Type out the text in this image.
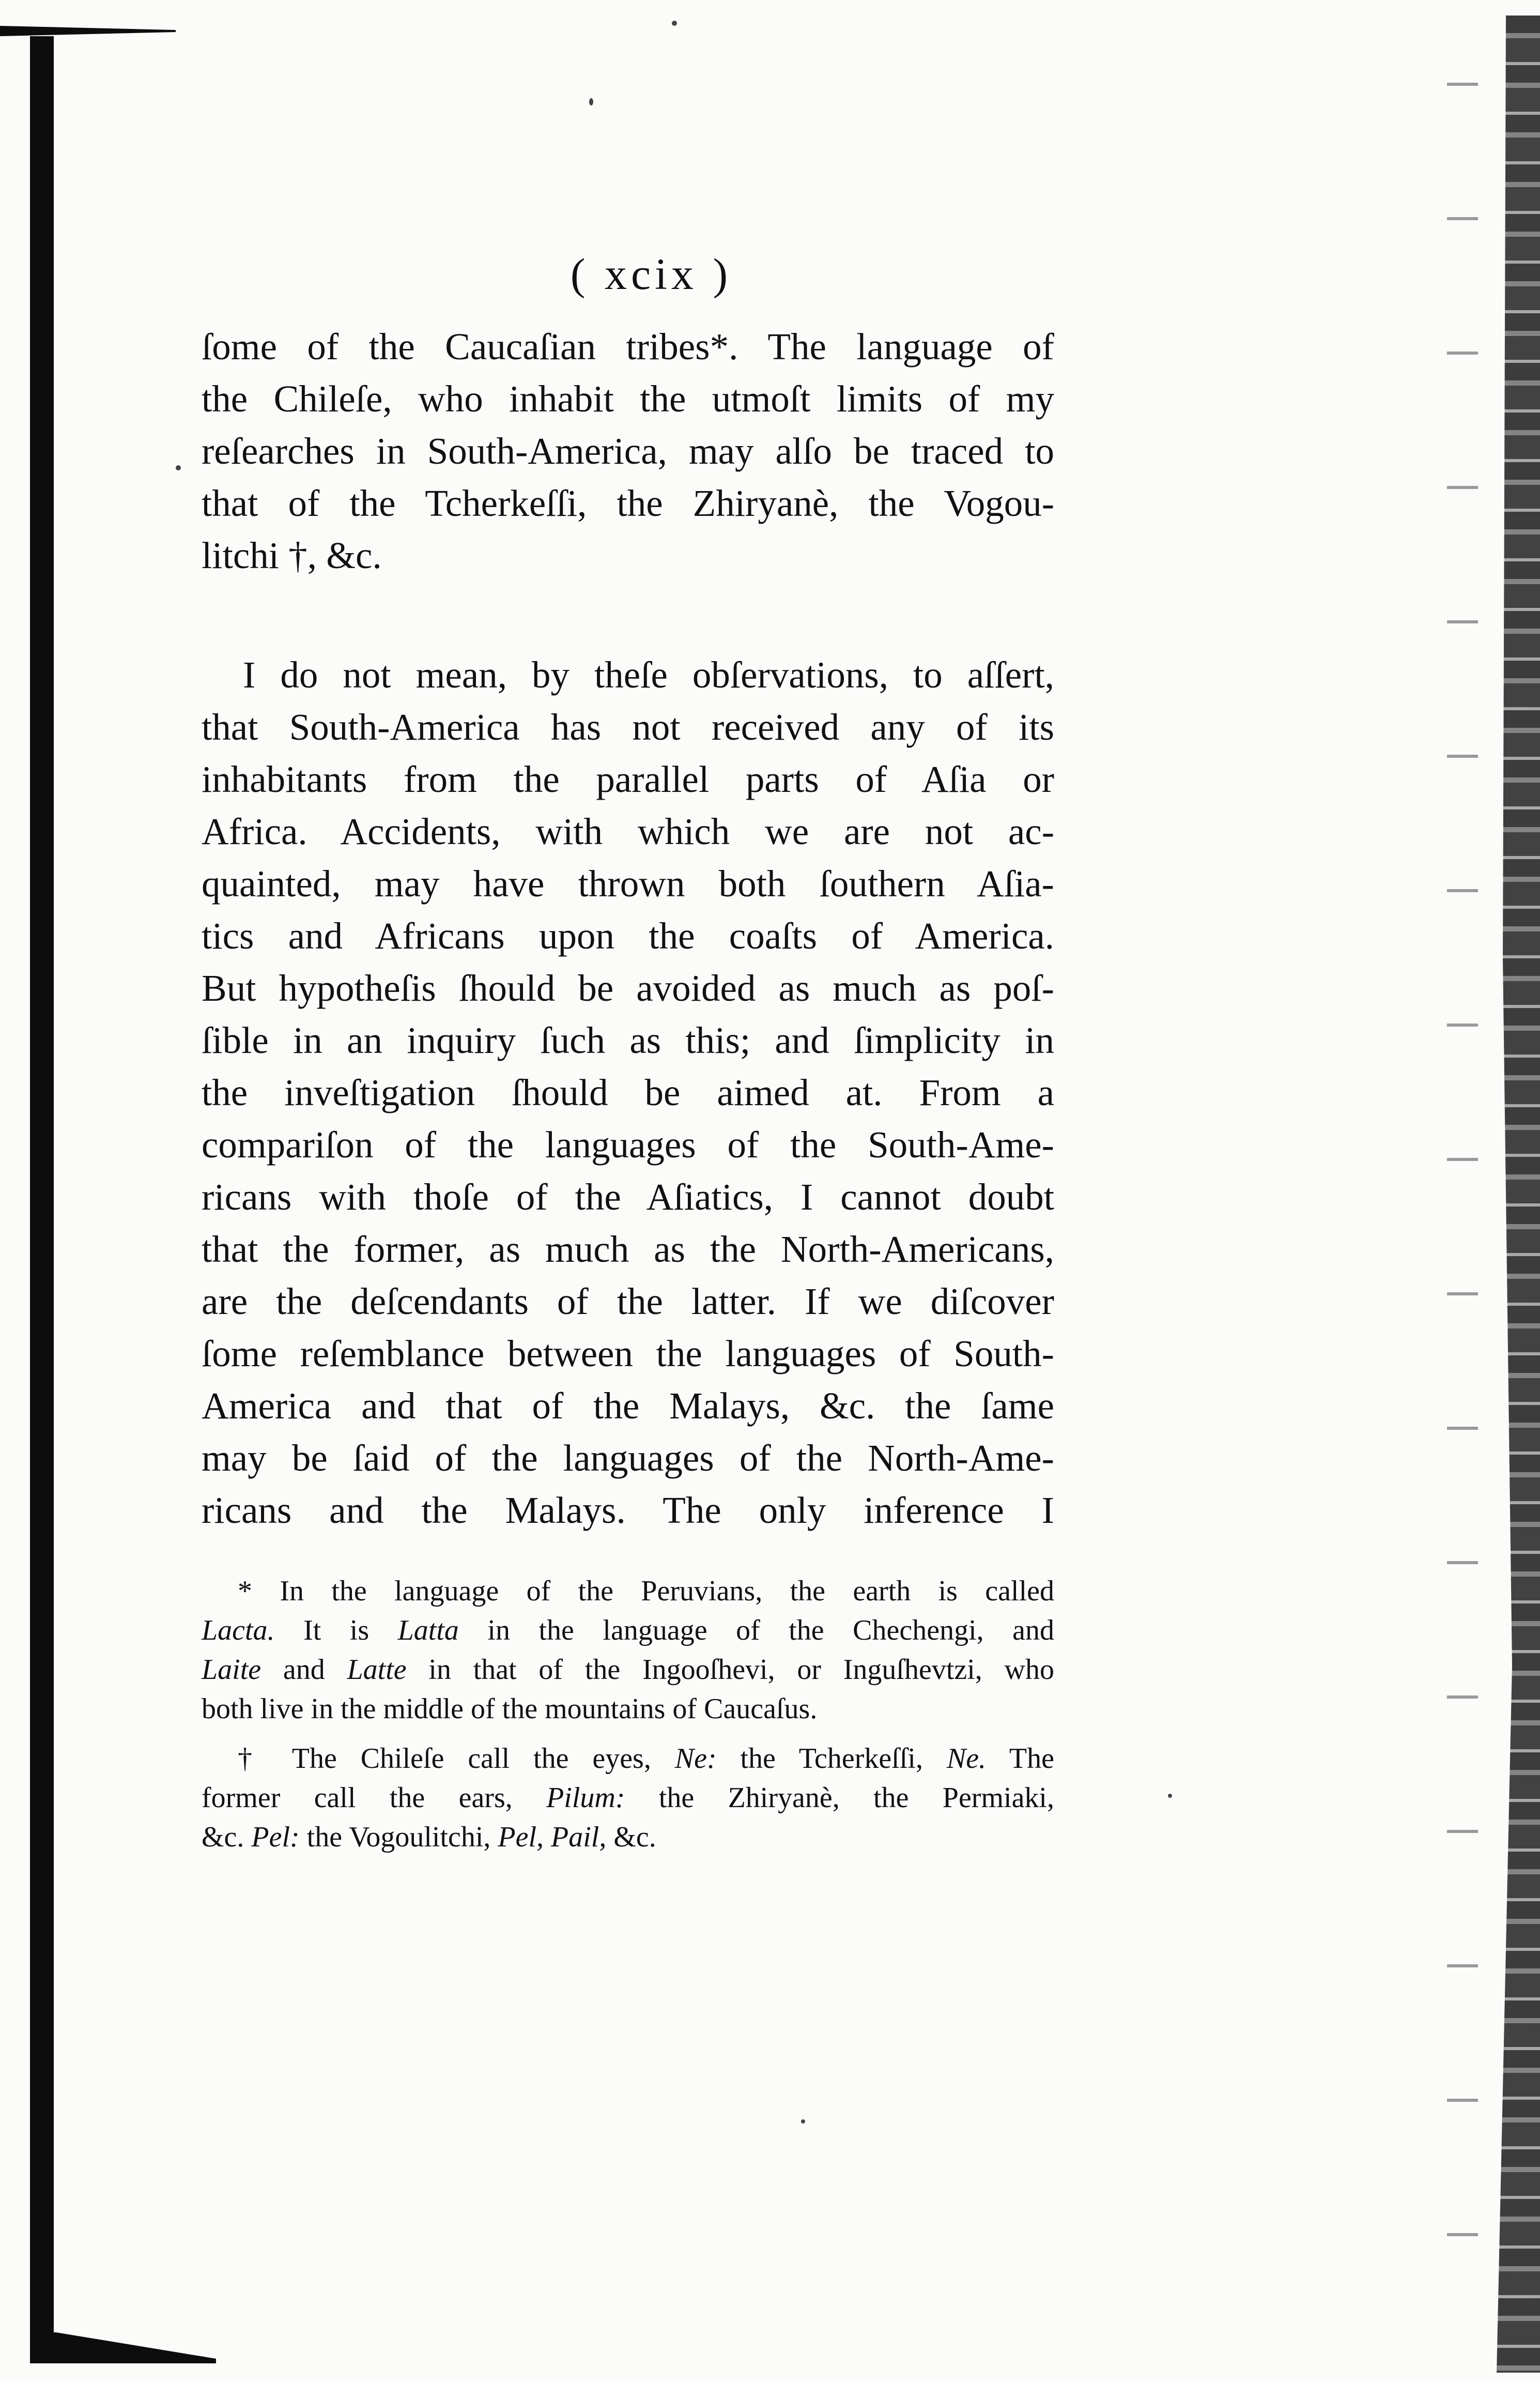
( xcix )
ſome of the Caucaſian tribes*. The language of
the Chileſe, who inhabit the utmoſt limits of my
reſearches in South-America, may alſo be traced to
that of the Tcherkeſſi, the Zhiryanè, the Vogou-
litchi †, &c.
I do not mean, by theſe obſervations, to aſſert,
that South-America has not received any of its
inhabitants from the parallel parts of Aſia or
Africa. Accidents, with which we are not ac-
quainted, may have thrown both ſouthern Aſia-
tics and Africans upon the coaſts of America.
But hypotheſis ſhould be avoided as much as poſ-
ſible in an inquiry ſuch as this; and ſimplicity in
the inveſtigation ſhould be aimed at. From a
compariſon of the languages of the South-Ame-
ricans with thoſe of the Aſiatics, I cannot doubt
that the former, as much as the North-Americans,
are the deſcendants of the latter. If we diſcover
ſome reſemblance between the languages of South-
America and that of the Malays, &c. the ſame
may be ſaid of the languages of the North-Ame-
ricans and the Malays. The only inference I
* In the language of the Peruvians, the earth is called
Lacta. It is Latta in the language of the Chechengi, and
Laite and Latte in that of the Ingooſhevi, or Inguſhevtzi, who
both live in the middle of the mountains of Caucaſus.
† The Chileſe call the eyes, Ne: the Tcherkeſſi, Ne. The
former call the ears, Pilum: the Zhiryanè, the Permiaki,
&c. Pel: the Vogoulitchi, Pel, Pail, &c.
